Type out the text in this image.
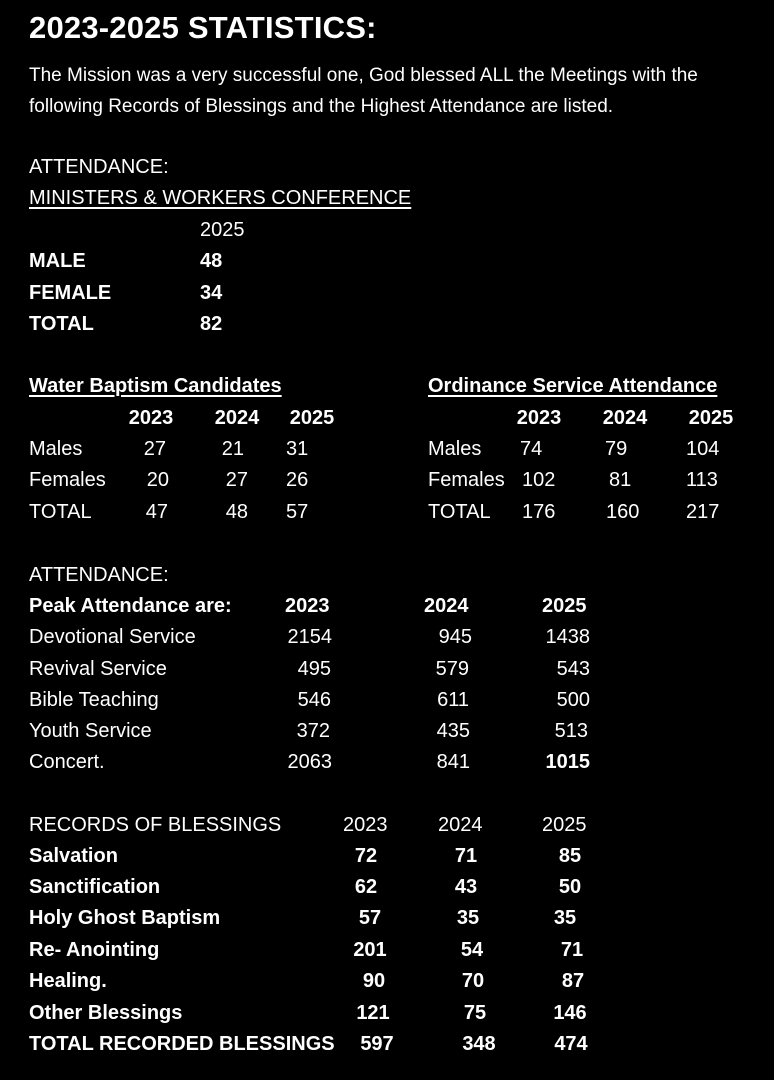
2023-2025 STATISTICS:
The Mission was a very successful one, God blessed ALL the Meetings with the following Records of Blessings and the Highest Attendance are listed.
ATTENDANCE:
MINISTERS & WORKERS CONFERENCE
2025
MALE	48
FEMALE	34
TOTAL	82
Water Baptism Candidates
2023	2024	2025
Males	27	21 31
Females	20	27 26
TOTAL	47	48 57
Ordinance Service Attendance
2023	2024	2025
Males 74	79	104
Females 102	81	113
TOTAL 176	160 217
ATTENDANCE:
Peak Attendance are:	2023	2024	2025
Devotional Service	2154	945	1438
Revival Service	495	579	543
Bible Teaching	546	611	500
Youth Service	372	435	513
Concert.	2063	841	1015
RECORDS OF BLESSINGS	2023	2024	2025
Salvation	72	71	85
Sanctification	62	43	50
Holy Ghost Baptism	57	35	35
Re- Anointing	201	54	71
Healing.	90	70	87
Other Blessings	121	75	146
TOTAL RECORDED BLESSINGS	597	348	474
